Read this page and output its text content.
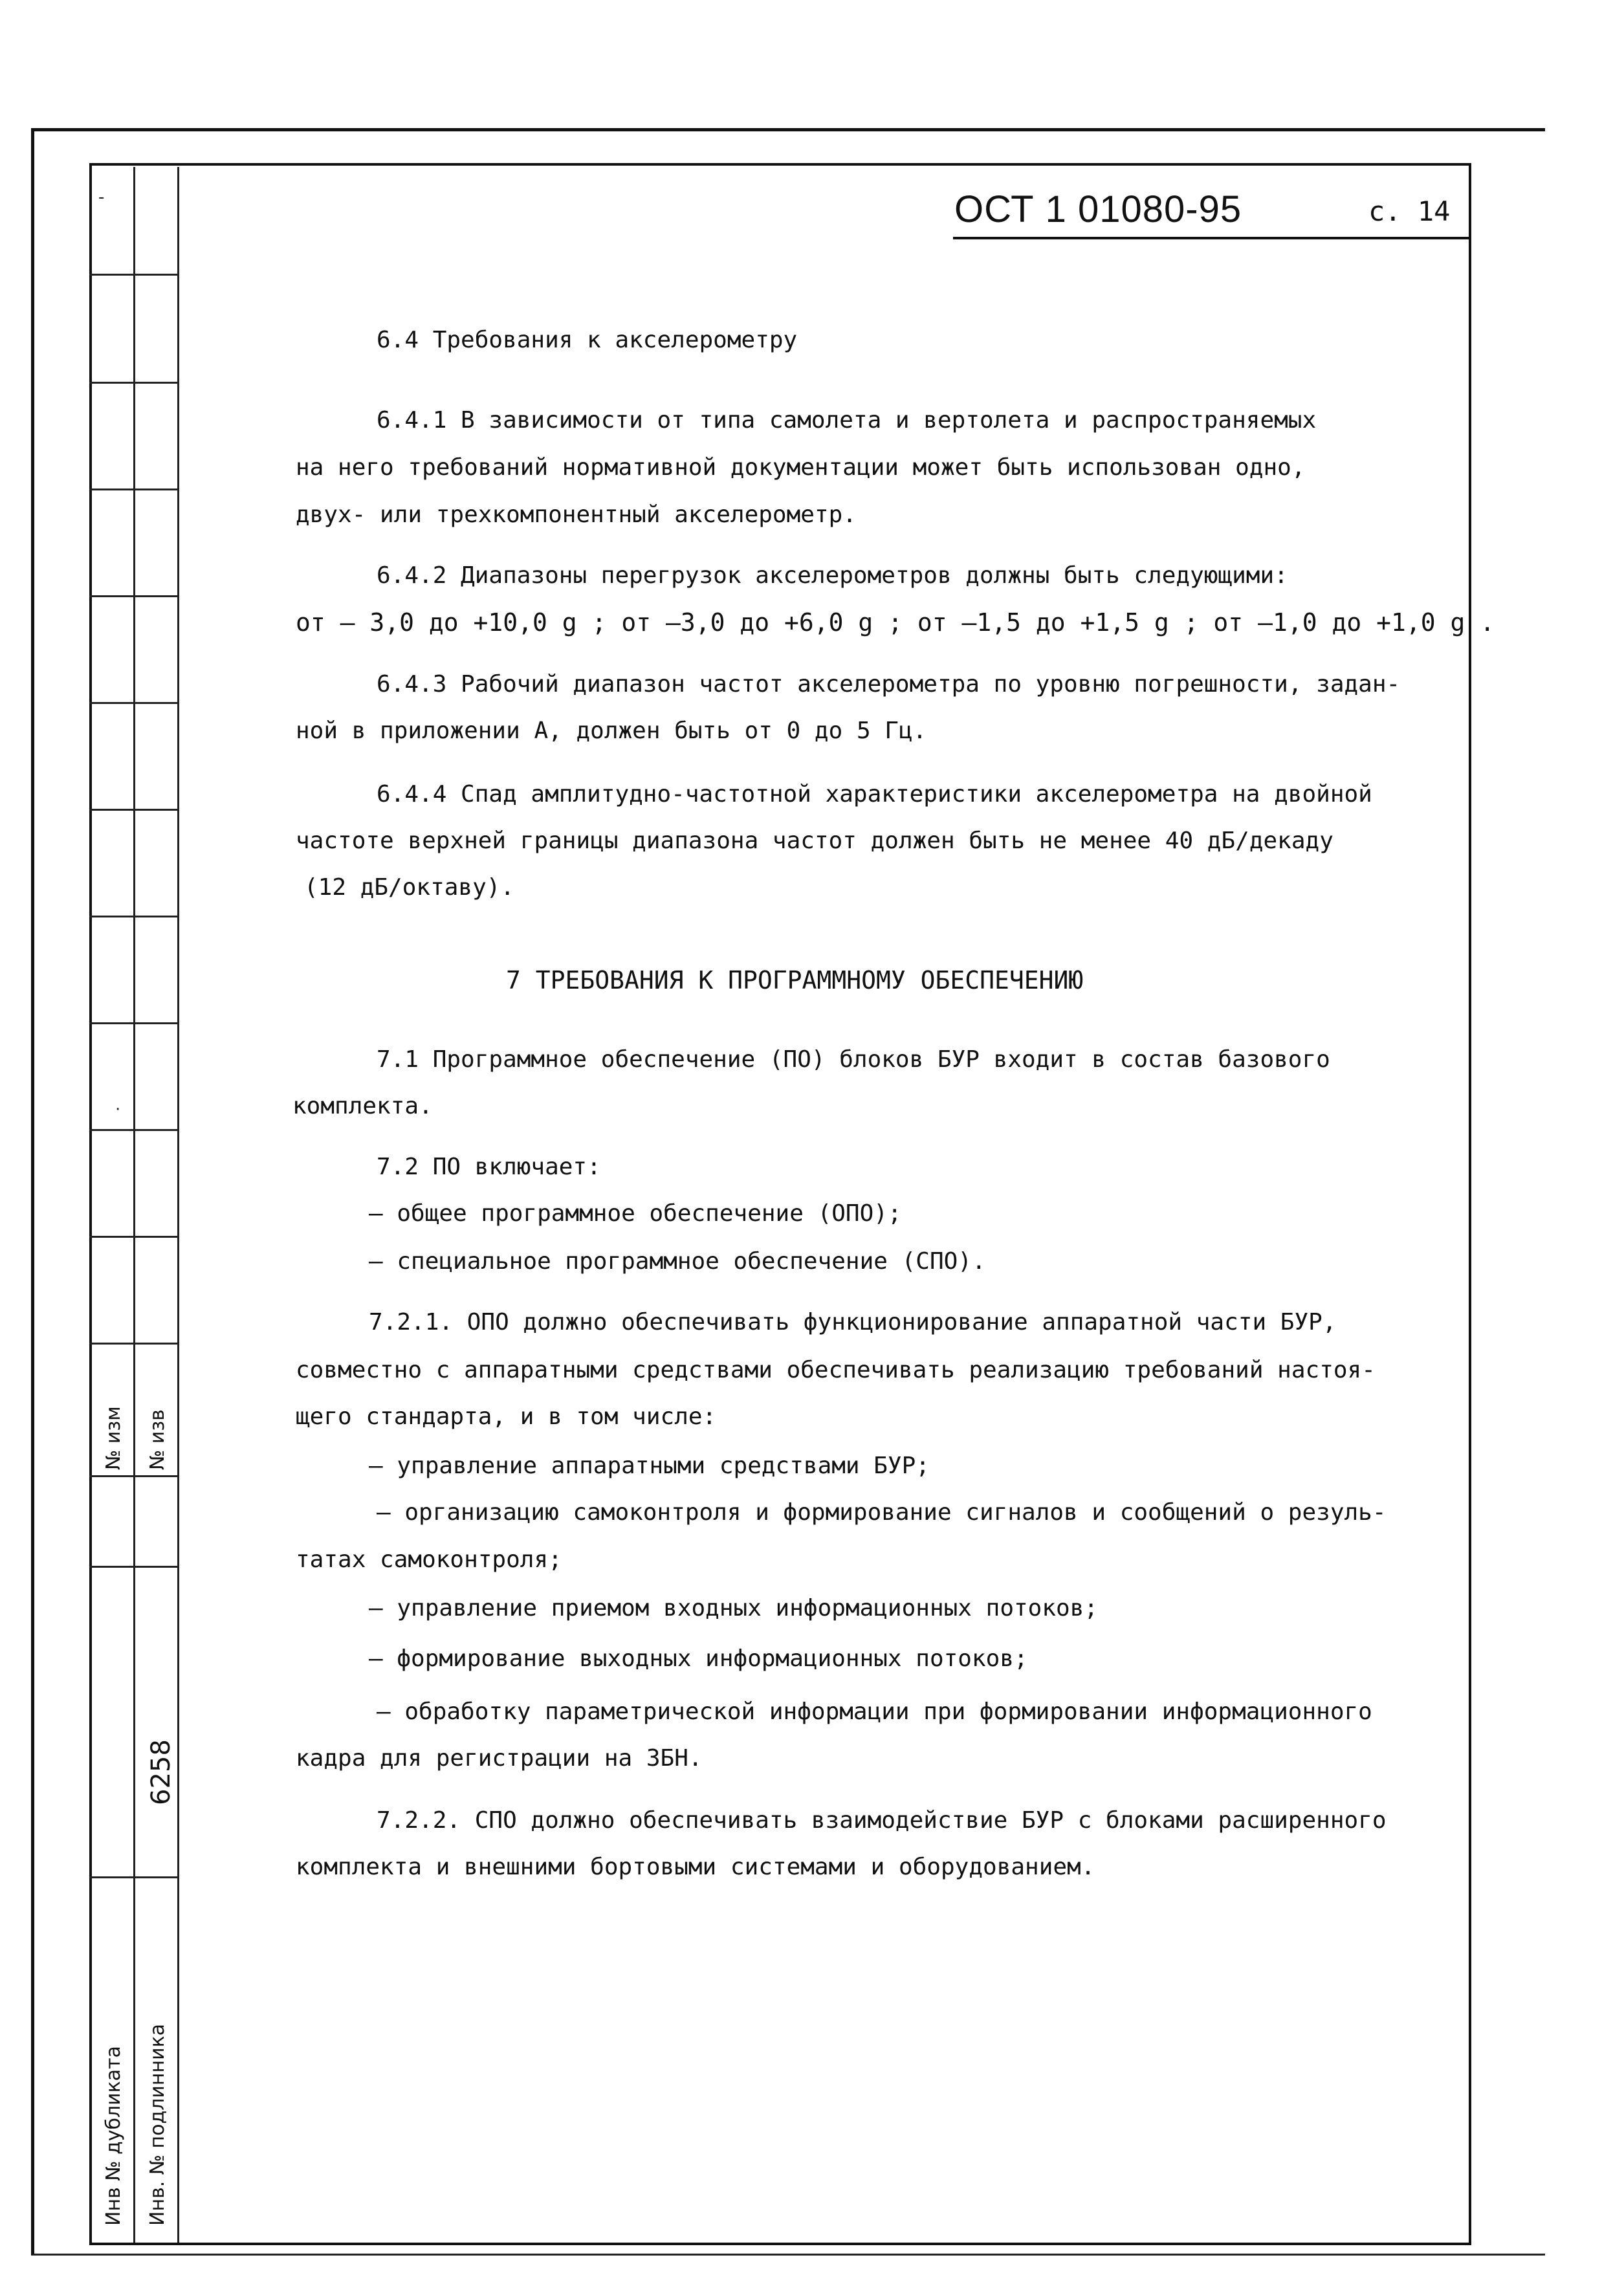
-
·
№ изм № изв
6258
Инв № дубликата Инв. № подлинника
ОСТ 1 01080-95	с. 14
6.4 Требования к акселерометру
6.4.1 В зависимости от типа самолета и вертолета и распространяемых
на него требований нормативной документации может быть использован одно,
двух- или трехкомпонентный акселерометр.
6.4.2 Диапазоны перегрузок акселерометров должны быть следующими:
от – 3,0 до +10,0 g ; от –3,0 до +6,0 g ; от –1,5 до +1,5 g ; от –1,0 до +1,0 g .
6.4.3 Рабочий диапазон частот акселерометра по уровню погрешности, задан-
ной в приложении А, должен быть от 0 до 5 Гц.
6.4.4 Спад амплитудно-частотной характеристики акселерометра на двойной
частоте верхней границы диапазона частот должен быть не менее 40 дБ/декаду
(12 дБ/октаву).
7 ТРЕБОВАНИЯ К ПРОГРАММНОМУ ОБЕСПЕЧЕНИЮ
7.1 Программное обеспечение (ПО) блоков БУР входит в состав базового
комплекта.
7.2 ПО включает:
– общее программное обеспечение (ОПО);
– специальное программное обеспечение (СПО).
7.2.1. ОПО должно обеспечивать функционирование аппаратной части БУР,
совместно с аппаратными средствами обеспечивать реализацию требований настоя-
щего стандарта, и в том числе:
– управление аппаратными средствами БУР;
– организацию самоконтроля и формирование сигналов и сообщений о резуль-
татах самоконтроля;
– управление приемом входных информационных потоков;
– формирование выходных информационных потоков;
– обработку параметрической информации при формировании информационного
кадра для регистрации на ЗБН.
7.2.2. СПО должно обеспечивать взаимодействие БУР с блоками расширенного
комплекта и внешними бортовыми системами и оборудованием.
